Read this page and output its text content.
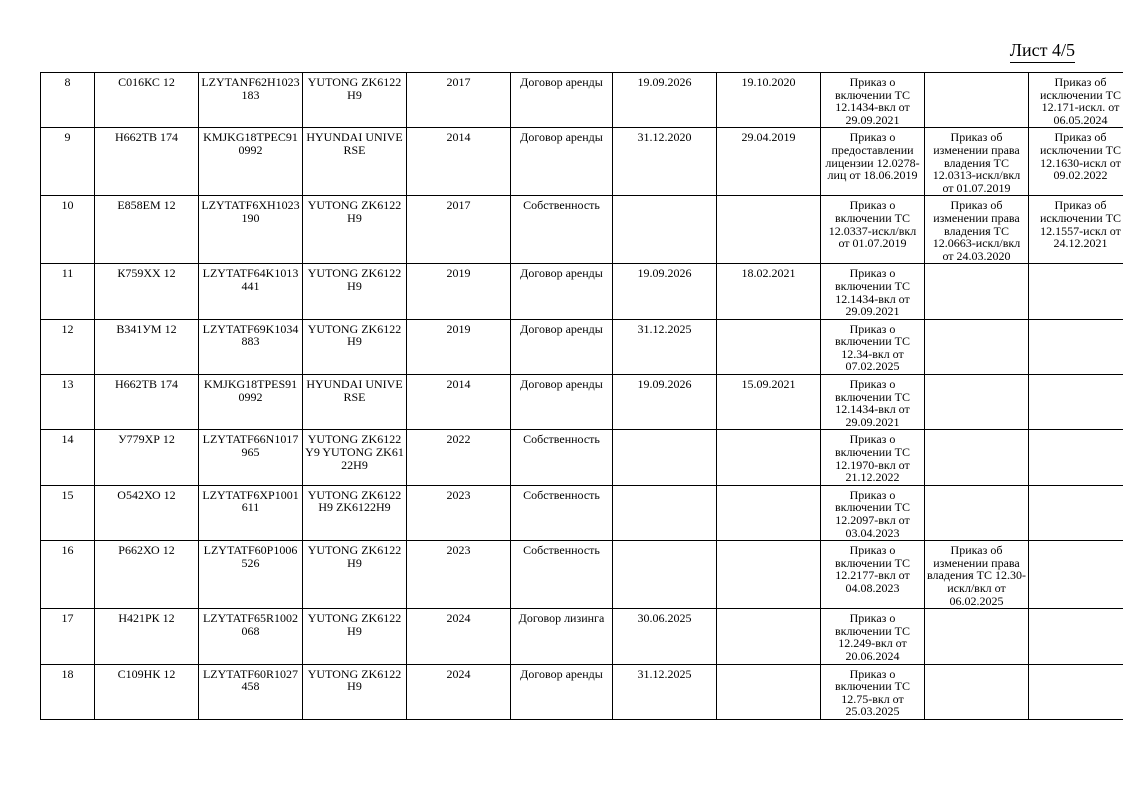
Лист 4/5
8	С016КС 12	LZYTANF62H1023183	YUTONG ZK6122H9	2017	Договор аренды	19.09.2026	19.10.2020	Приказ о включении ТС 12.1434-вкл от 29.09.2021		Приказ об исключении ТС 12.171-искл. от 06.05.2024
9	Н662ТВ 174	KMJKG18TPEC910992	HYUNDAI UNIVERSE	2014	Договор аренды	31.12.2020	29.04.2019	Приказ о предоставлении лицензии 12.0278-лиц от 18.06.2019	Приказ об изменении права владения ТС 12.0313-искл/вкл от 01.07.2019	Приказ об исключении ТС 12.1630-искл от 09.02.2022
10	Е858ЕМ 12	LZYTATF6XH1023190	YUTONG ZK6122H9	2017	Собственность			Приказ о включении ТС 12.0337-искл/вкл от 01.07.2019	Приказ об изменении права владения ТС 12.0663-искл/вкл от 24.03.2020	Приказ об исключении ТС 12.1557-искл от 24.12.2021
11	К759ХХ 12	LZYTATF64K1013441	YUTONG ZK6122H9	2019	Договор аренды	19.09.2026	18.02.2021	Приказ о включении ТС 12.1434-вкл от 29.09.2021		
12	В341УМ 12	LZYTATF69K1034883	YUTONG ZK6122H9	2019	Договор аренды	31.12.2025		Приказ о включении ТС 12.34-вкл от 07.02.2025		
13	Н662ТВ 174	KMJKG18TPES910992	HYUNDAI UNIVERSE	2014	Договор аренды	19.09.2026	15.09.2021	Приказ о включении ТС 12.1434-вкл от 29.09.2021		
14	У779ХР 12	LZYTATF66N1017965	YUTONG ZK6122Y9 YUTONG ZK6122H9	2022	Собственность			Приказ о включении ТС 12.1970-вкл от 21.12.2022		
15	О542ХО 12	LZYTATF6XP1001611	YUTONG ZK6122H9 ZK6122H9	2023	Собственность			Приказ о включении ТС 12.2097-вкл от 03.04.2023		
16	Р662ХО 12	LZYTATF60P1006526	YUTONG ZK6122H9	2023	Собственность			Приказ о включении ТС 12.2177-вкл от 04.08.2023	Приказ об изменении права владения ТС 12.30-искл/вкл от 06.02.2025	
17	Н421РК 12	LZYTATF65R1002068	YUTONG ZK6122H9	2024	Договор лизинга	30.06.2025		Приказ о включении ТС 12.249-вкл от 20.06.2024		
18	С109НК 12	LZYTATF60R1027458	YUTONG ZK6122H9	2024	Договор аренды	31.12.2025		Приказ о включении ТС 12.75-вкл от 25.03.2025		
